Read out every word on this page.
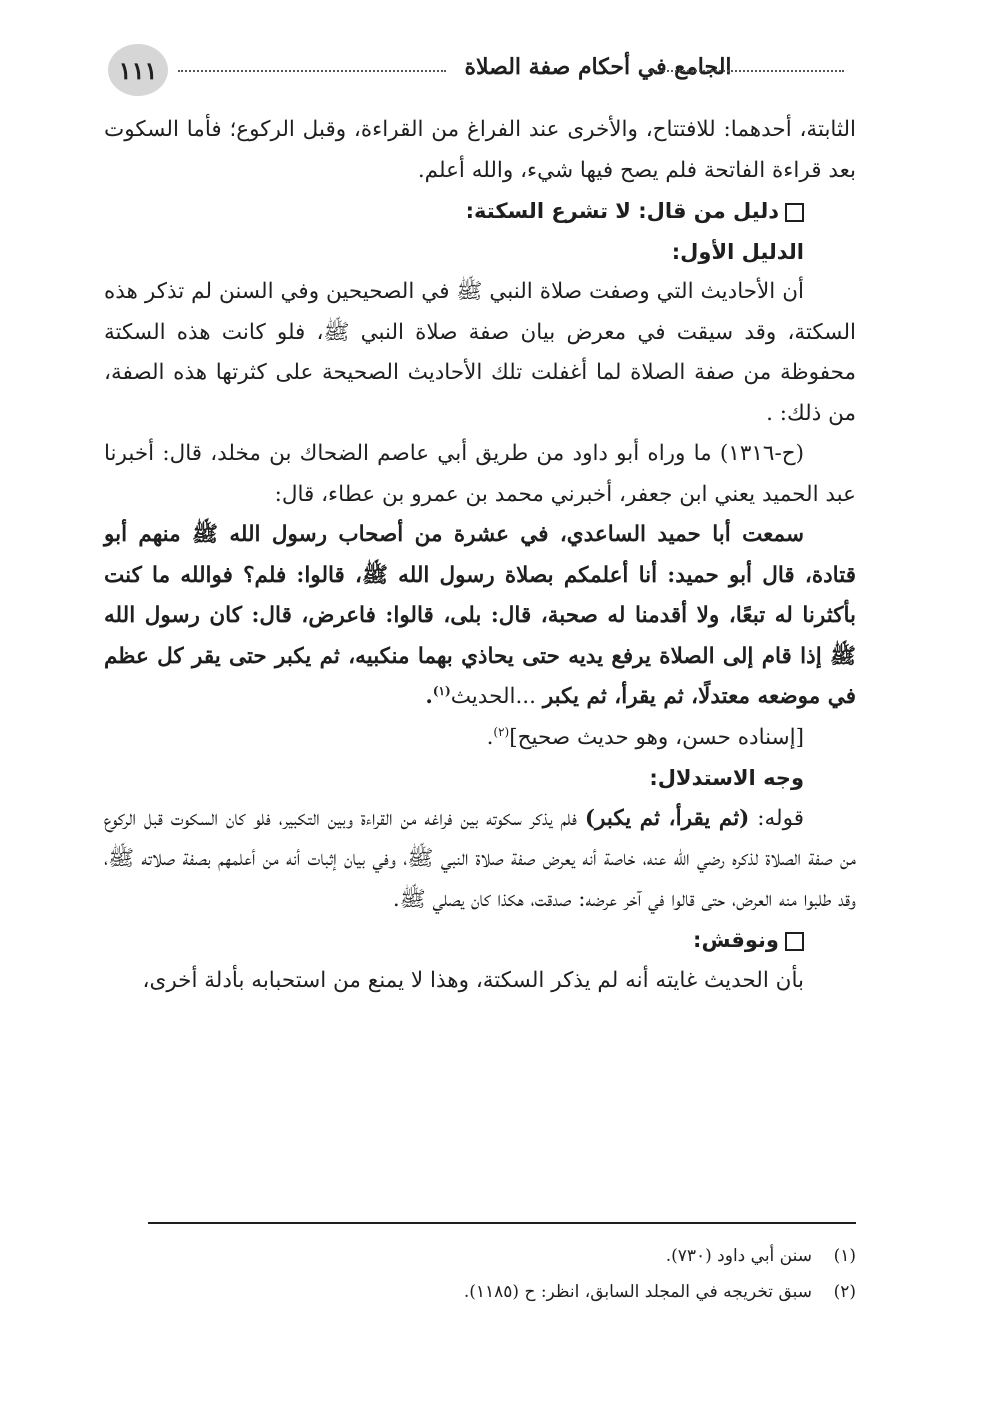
١١١	الجامع في أحكام صفة الصلاة

الثابتة، أحدهما: للافتتاح، والأخرى عند الفراغ من القراءة، وقبل الركوع؛ فأما السكوت بعد قراءة الفاتحة فلم يصح فيها شيء، والله أعلم.

دليل من قال: لا تشرع السكتة:

الدليل الأول:

أن الأحاديث التي وصفت صلاة النبي ﷺ في الصحيحين وفي السنن لم تذكر هذه السكتة، وقد سيقت في معرض بيان صفة صلاة النبي ﷺ، فلو كانت هذه السكتة محفوظة من صفة الصلاة لما أغفلت تلك الأحاديث الصحيحة على كثرتها هذه الصفة، من ذلك: .

(ح-١٣١٦) ما وراه أبو داود من طريق أبي عاصم الضحاك بن مخلد، قال: أخبرنا عبد الحميد يعني ابن جعفر، أخبرني محمد بن عمرو بن عطاء، قال:

سمعت أبا حميد الساعدي، في عشرة من أصحاب رسول الله ﷺ منهم أبو قتادة، قال أبو حميد: أنا أعلمكم بصلاة رسول الله ﷺ، قالوا: فلم؟ فوالله ما كنت بأكثرنا له تبعًا، ولا أقدمنا له صحبة، قال: بلى، قالوا: فاعرض، قال: كان رسول الله ﷺ إذا قام إلى الصلاة يرفع يديه حتى يحاذي بهما منكبيه، ثم يكبر حتى يقر كل عظم في موضعه معتدلًا، ثم يقرأ، ثم يكبر ...الحديث$^{(١)}$.

[إسناده حسن، وهو حديث صحيح]$^{(٢)}$.

وجه الاستدلال:

قوله: (ثم يقرأ، ثم يكبر) فلم يذكر سكوته بين فراغه من القراءة وبين التكبير، فلو كان السكوت قبل الركوع من صفة الصلاة لذكره رضي الله عنه، خاصة أنه يعرض صفة صلاة النبي ﷺ، وفي بيان إثبات أنه من أعلمهم بصفة صلاته ﷺ، وقد طلبوا منه العرض، حتى قالوا في آخر عرضه: صدقت، هكذا كان يصلي ﷺ.

ونوقش:

بأن الحديث غايته أنه لم يذكر السكتة، وهذا لا يمنع من استحبابه بأدلة أخرى،

(١)سنن أبي داود (٧٣٠).

(٢)سبق تخريجه في المجلد السابق، انظر: ح (١١٨٥).
